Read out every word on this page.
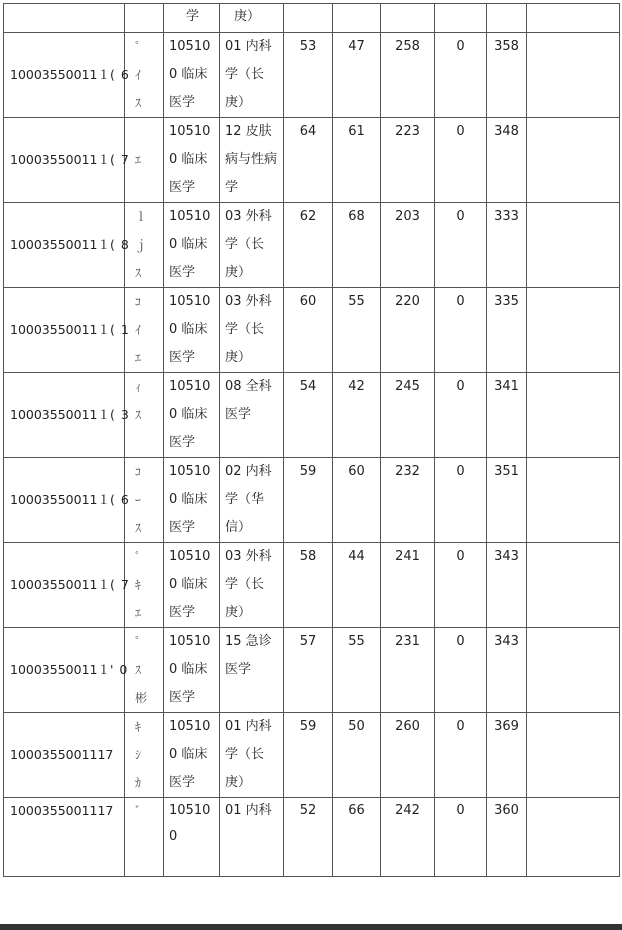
		学	庚）						
10003550011１( 6	ﾟ
ｲ
ｽ	105100 临床医学	01 内科学（长庚）	53	47	258	0	358	
10003550011１( 7	ｴ	105100 临床医学	12 皮肤病与性病学	64	61	223	0	348	
10003550011１( 8	ｌ
ｊ
ｽ	105100 临床医学	03 外科学（长庚）	62	68	203	0	333	
10003550011１( 1	ｺ
ｲ
ｴ	105100 临床医学	03 外科学（长庚）	60	55	220	0	335	
10003550011１( 3	ｨ
ｽ	105100 临床医学	08 全科医学	54	42	245	0	341	
10003550011１( 6	ｺ
ｰ
ｽ	105100 临床医学	02 内科学（华信）	59	60	232	0	351	
10003550011１( 7	ﾟ
ｷ
ｴ	105100 临床医学	03 外科学（长庚）	58	44	241	0	343	
10003550011１' 0	ﾟ
ｽ
彬	105100 临床医学	15 急诊医学	57	55	231	0	343	
1000355001117	ｷ
ｼ
ｶ	105100 临床医学	01 内科学（长庚）	59	50	260	0	369	
1000355001117	ﾞ	105100	01 内科	52	66	242	0	360	
